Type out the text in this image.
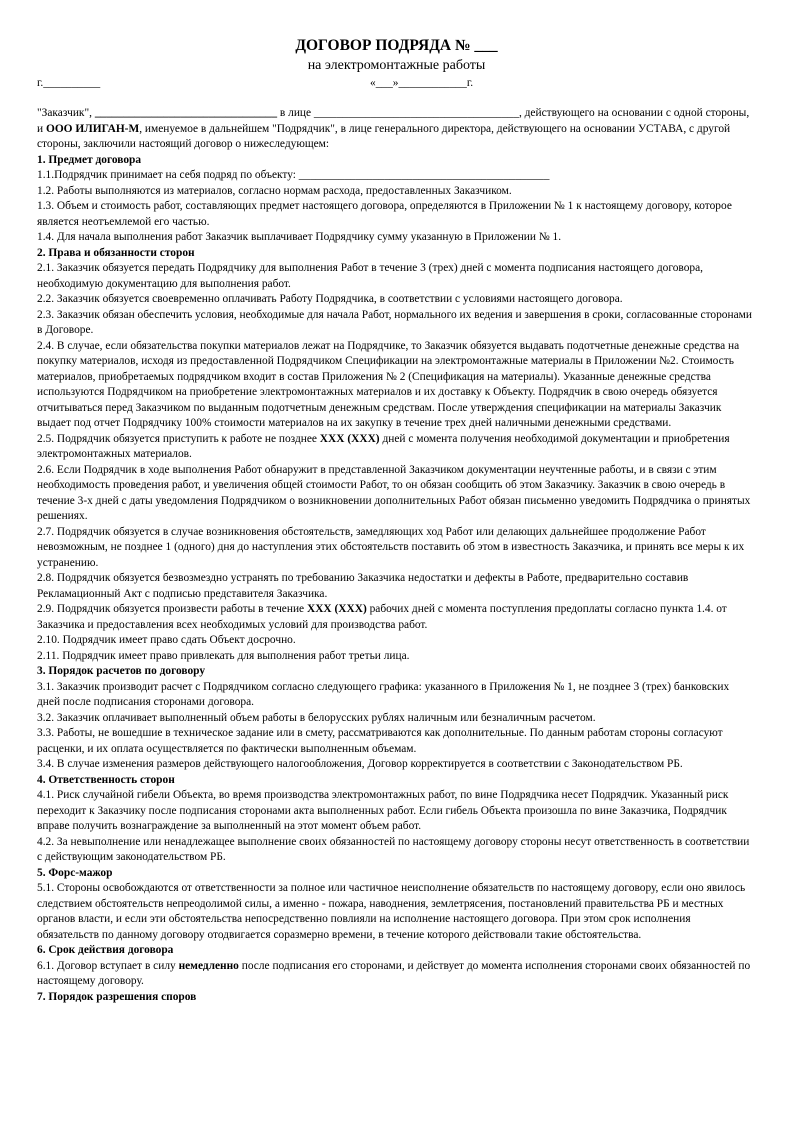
ДОГОВОР ПОДРЯДА № ___
на электромонтажные работы
г.__________	«___»____________г.

"Заказчик", ________________________________ в лице ____________________________________, действующего на основании с одной стороны, и ООО ИЛИГАН-М, именуемое в дальнейшем "Подрядчик", в лице генерального директора, действующего на основании УСТАВА, с другой стороны, заключили настоящий договор о нижеследующем:

1. Предмет договора

1.1.Подрядчик принимает на себя подряд по объекту: ____________________________________________

1.2. Работы выполняются из материалов, согласно нормам расхода, предоставленных Заказчиком.

1.3. Объем и стоимость работ, составляющих предмет настоящего договора, определяются в Приложении № 1 к настоящему договору, которое является неотъемлемой его частью.

1.4. Для начала выполнения работ Заказчик выплачивает Подрядчику сумму указанную в Приложении № 1.

2. Права и обязанности сторон

2.1. Заказчик обязуется передать Подрядчику для выполнения Работ в течение 3 (трех) дней с момента подписания настоящего договора, необходимую документацию для выполнения работ.

2.2. Заказчик обязуется своевременно оплачивать Работу Подрядчика, в соответствии с условиями настоящего договора.

2.3. Заказчик обязан обеспечить условия, необходимые для начала Работ, нормального их ведения и завершения в сроки, согласованные сторонами в Договоре.

2.4. В случае, если обязательства покупки материалов лежат на Подрядчике, то Заказчик обязуется выдавать подотчетные денежные средства на покупку материалов, исходя из предоставленной Подрядчиком Спецификации на электромонтажные материалы в Приложении №2. Стоимость материалов, приобретаемых подрядчиком входит в состав Приложения № 2 (Спецификация на материалы). Указанные денежные средства используются Подрядчиком на приобретение электромонтажных материалов и их доставку к Объекту. Подрядчик в свою очередь обязуется отчитываться перед Заказчиком по выданным подотчетным денежным средствам. После утверждения спецификации на материалы Заказчик выдает под отчет Подрядчику 100% стоимости материалов на их закупку в течение трех дней наличными денежными средствами.

2.5. Подрядчик обязуется приступить к работе не позднее XXX (XXX) дней с момента получения необходимой документации и приобретения электромонтажных материалов.

2.6. Если Подрядчик в ходе выполнения Работ обнаружит в представленной Заказчиком документации неучтенные работы, и в связи с этим необходимость проведения работ, и увеличения общей стоимости Работ, то он обязан сообщить об этом Заказчику. Заказчик в свою очередь в течение 3-х дней с даты уведомления Подрядчиком о возникновении дополнительных Работ обязан письменно уведомить Подрядчика о принятых решениях.

2.7. Подрядчик обязуется в случае возникновения обстоятельств, замедляющих ход Работ или делающих дальнейшее продолжение Работ невозможным, не позднее 1 (одного) дня до наступления этих обстоятельств поставить об этом в известность Заказчика, и принять все меры к их устранению.

2.8. Подрядчик обязуется безвозмездно устранять по требованию Заказчика недостатки и дефекты в Работе, предварительно составив Рекламационный Акт с подписью представителя Заказчика.

2.9. Подрядчик обязуется произвести работы в течение XXX (XXX) рабочих дней с момента поступления предоплаты согласно пункта 1.4. от Заказчика и предоставления всех необходимых условий для производства работ.

2.10. Подрядчик имеет право сдать Объект досрочно.

2.11. Подрядчик имеет право привлекать для выполнения работ третьи лица.

3. Порядок расчетов по договору

3.1. Заказчик производит расчет с Подрядчиком согласно следующего графика: указанного в Приложения № 1, не позднее 3 (трех) банковских дней после подписания сторонами договора.

3.2. Заказчик оплачивает выполненный объем работы в белорусских рублях наличным или безналичным расчетом.

3.3. Работы, не вошедшие в техническое задание или в смету, рассматриваются как дополнительные. По данным работам стороны согласуют расценки, и их оплата осуществляется по фактически выполненным объемам.

3.4. В случае изменения размеров действующего налогообложения, Договор корректируется в соответствии с Законодательством РБ.

4. Ответственность сторон

4.1. Риск случайной гибели Объекта, во время производства электромонтажных работ, по вине Подрядчика несет Подрядчик. Указанный риск переходит к Заказчику после подписания сторонами акта выполненных работ. Если гибель Объекта произошла по вине Заказчика, Подрядчик вправе получить вознаграждение за выполненный на этот момент объем работ.

4.2. За невыполнение или ненадлежащее выполнение своих обязанностей по настоящему договору стороны несут ответственность в соответствии с действующим законодательством РБ.

5. Форс-мажор

5.1. Стороны освобождаются от ответственности за полное или частичное неисполнение обязательств по настоящему договору, если оно явилось следствием обстоятельств непреодолимой силы, а именно - пожара, наводнения, землетрясения, постановлений правительства РБ и местных органов власти, и если эти обстоятельства непосредственно повлияли на исполнение настоящего договора. При этом срок исполнения обязательств по данному договору отодвигается соразмерно времени, в течение которого действовали такие обстоятельства.

6. Срок действия договора

6.1. Договор вступает в силу немедленно после подписания его сторонами, и действует до момента исполнения сторонами своих обязанностей по настоящему договору.

7. Порядок разрешения споров
